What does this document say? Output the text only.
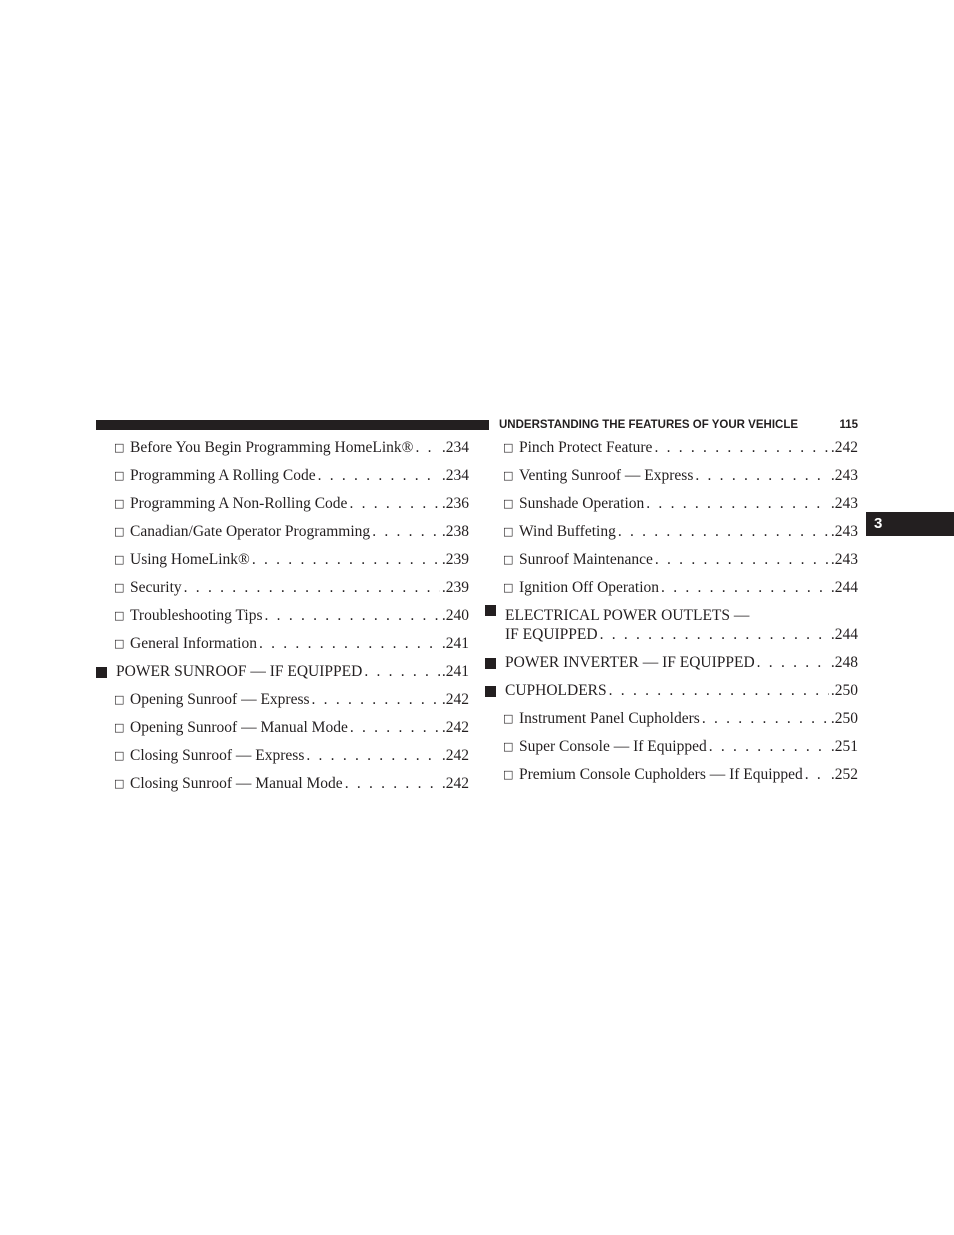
UNDERSTANDING THE FEATURES OF YOUR VEHICLE	115
3
□ Before You Begin Programming HomeLink® . . . .234
□ Programming A Rolling Code . . .	.234
□ Programming A Non-Rolling Code . . .	.236
□ Canadian/Gate Operator Programming . . .	.238
□ Using HomeLink® . . .	.239
□ Security . . .	.239
□ Troubleshooting Tips . . .	.240
□ General Information . . .	.241
POWER SUNROOF — IF EQUIPPED . . .	.241
□ Opening Sunroof — Express . . .	.242
□ Opening Sunroof — Manual Mode . . .	.242
□ Closing Sunroof — Express . . .	.242
□ Closing Sunroof — Manual Mode . . .	.242
□ Pinch Protect Feature . . .	.242
□ Venting Sunroof — Express . . .	.243
□ Sunshade Operation . . .	.243
□ Wind Buffeting . . .	.243
□ Sunroof Maintenance . . .	.243
□ Ignition Off Operation . . .	.244
ELECTRICAL POWER OUTLETS —
IF EQUIPPED . . .	.244
POWER INVERTER — IF EQUIPPED . . .	.248
CUPHOLDERS . . .	.250
□ Instrument Panel Cupholders . . .	.250
□ Super Console — If Equipped . . .	.251
□ Premium Console Cupholders — If Equipped . . . .252
